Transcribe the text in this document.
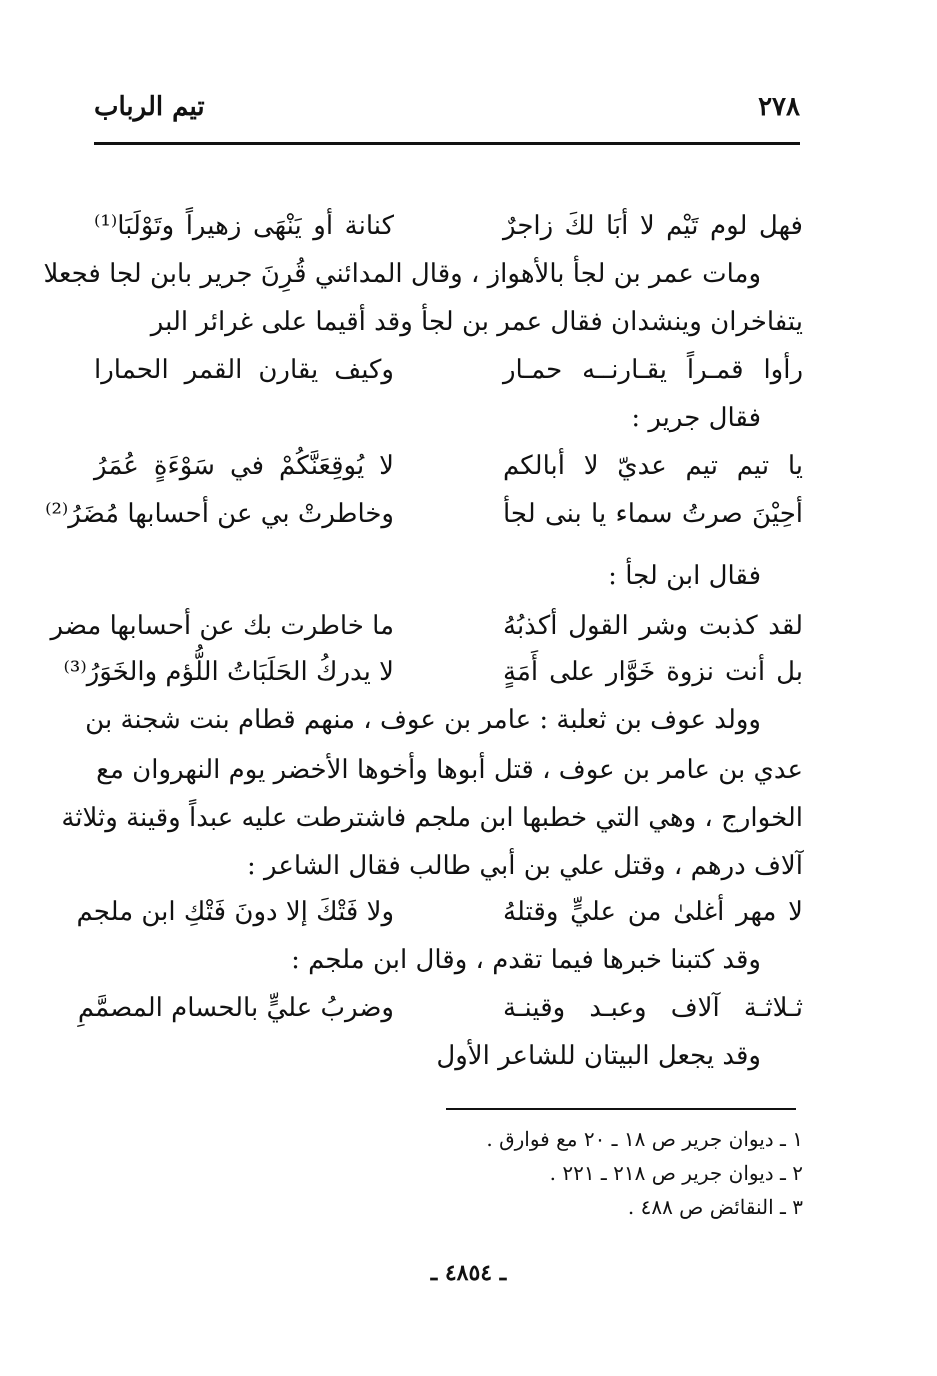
٢٧٨
تيم الرباب
فهل لوم تَيْم لا أبَا لكَ زاجرٌ
كنانة أو يَنْهَى زهيراً وتَوْلَبَا⁽¹⁾
ومات عمر بن لجأ بالأهواز ، وقال المدائني قُرِنَ جرير بابن لجا فجعلا
يتفاخران وينشدان فقال عمر بن لجأ وقد أقيما على غرائر البر
رأوا قمـراً يقـارنــه حمـار
وكيف يقارن القمر الحمارا
فقال جرير :
يا تيم تيم عديّ لا أبالكم
لا يُوقِعَنَّكُمْ في سَوْءَةٍ عُمَرُ
أحِيْنَ صرتُ سماء يا بنى لجأ
وخاطرتْ بي عن أحسابها مُضَرُ⁽²⁾
فقال ابن لجأ :
لقد كذبت وشر القول أكذبُهُ
ما خاطرت بك عن أحسابها مضر
بل أنت نزوة خَوَّار على أَمَةٍ
لا يدركُ الحَلَبَاتُ اللُّؤم والخَوَرُ⁽³⁾
وولد عوف بن ثعلبة : عامر بن عوف ، منهم قطام بنت شجنة بن
عدي بن عامر بن عوف ، قتل أبوها وأخوها الأخضر يوم النهروان مع
الخوارج ، وهي التي خطبها ابن ملجم فاشترطت عليه عبداً وقينة وثلاثة
آلاف درهم ، وقتل علي بن أبي طالب فقال الشاعر :
لا مهر أغلىٰ من عليٍّ وقتلهُ
ولا فَتْكَ إلا دونَ فَتْكِ ابن ملجم
وقد كتبنا خبرها فيما تقدم ، وقال ابن ملجم :
ثـلاثـة آلاف وعبـد وقينـة
وضربُ عليٍّ بالحسام المصمَّمِ
وقد يجعل البيتان للشاعر الأول
١ ـ ديوان جرير ص ١٨ ـ ٢٠ مع فوارق .
٢ ـ ديوان جرير ص ٢١٨ ـ ٢٢١ .
٣ ـ النقائض ص ٤٨٨ .
ـ ٤٨٥٤ ـ
